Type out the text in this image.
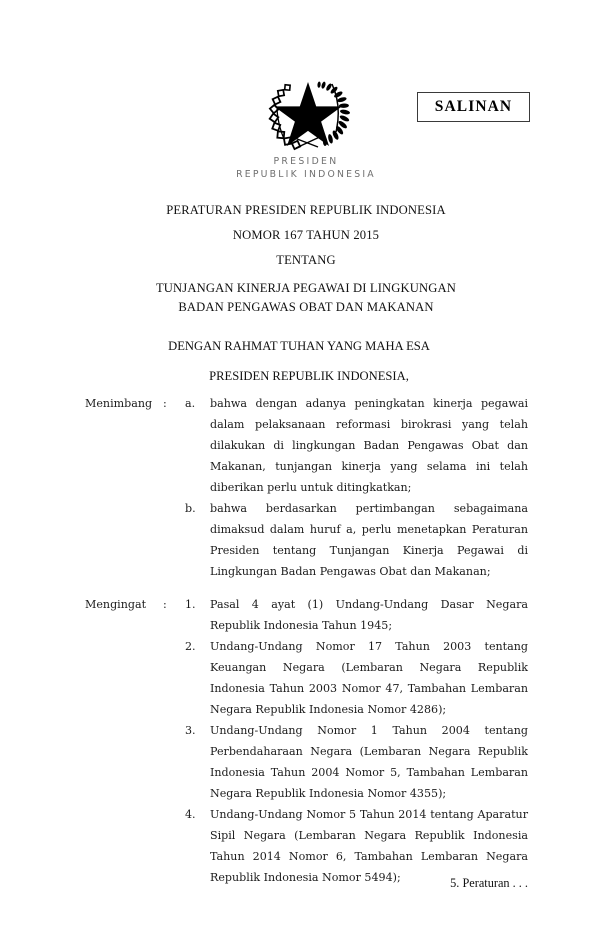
SALINAN
PRESIDEN
REPUBLIK INDONESIA
PERATURAN PRESIDEN REPUBLIK INDONESIA
NOMOR 167 TAHUN 2015
TENTANG
TUNJANGAN KINERJA PEGAWAI DI LINGKUNGAN
BADAN PENGAWAS OBAT DAN MAKANAN
DENGAN RAHMAT TUHAN YANG MAHA ESA
PRESIDEN REPUBLIK INDONESIA,
Menimbang : a.	bahwa dengan adanya peningkatan kinerja pegawai dalam pelaksanaan reformasi birokrasi yang telah dilakukan di lingkungan Badan Pengawas Obat dan Makanan, tunjangan kinerja yang selama ini telah diberikan perlu untuk ditingkatkan;
b.	bahwa berdasarkan pertimbangan sebagaimana dimaksud dalam huruf a, perlu menetapkan Peraturan Presiden tentang Tunjangan Kinerja Pegawai di Lingkungan Badan Pengawas Obat dan Makanan;
Mengingat	: 1.	Pasal 4 ayat (1) Undang-Undang Dasar Negara Republik Indonesia Tahun 1945;
2.	Undang-Undang Nomor 17 Tahun 2003 tentang Keuangan Negara (Lembaran Negara Republik Indonesia Tahun 2003 Nomor 47, Tambahan Lembaran Negara Republik Indonesia Nomor 4286);
3.	Undang-Undang Nomor 1 Tahun 2004 tentang Perbendaharaan Negara (Lembaran Negara Republik Indonesia Tahun 2004 Nomor 5, Tambahan Lembaran Negara Republik Indonesia Nomor 4355);
4.	Undang-Undang Nomor 5 Tahun 2014 tentang Aparatur Sipil Negara (Lembaran Negara Republik Indonesia Tahun 2014 Nomor 6, Tambahan Lembaran Negara Republik Indonesia Nomor 5494);	5. Peraturan . . .
